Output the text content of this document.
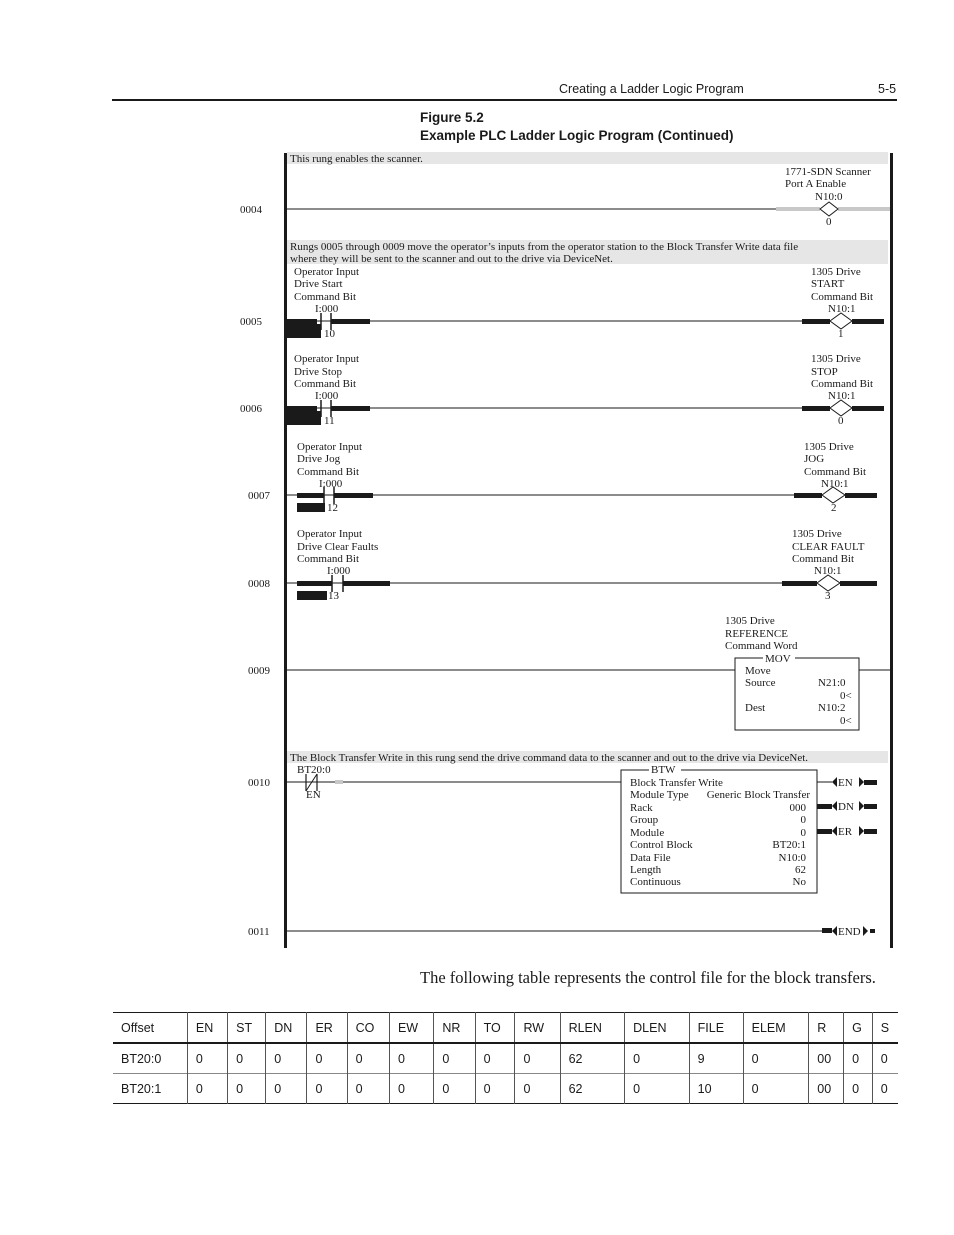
Creating a Ladder Logic Program	5-5
Figure 5.2
Example PLC Ladder Logic Program (Continued)
This rung enables the scanner.
Rungs 0005 through 0009 move the operator’s inputs from the operator station to the Block Transfer Write data file
where they will be sent to the scanner and out to the drive via DeviceNet.
The Block Transfer Write in this rung send the drive command data to the scanner and out to the drive via DeviceNet.
0004
0005
0006
0007
0008
0009
0010
0011
1771-SDN Scanner
Port A Enable
N10:0
0
Operator Input
Drive Start
Command Bit
I:000
10
1305 Drive
START
Command Bit
N10:1
1
Operator Input
Drive Stop
Command Bit
I:000
11
1305 Drive
STOP
Command Bit
N10:1
0
Operator Input
Drive Jog
Command Bit
I:000
12
1305 Drive
JOG
Command Bit
N10:1
2
Operator Input
Drive Clear Faults
Command Bit
I:000
13
1305 Drive
CLEAR FAULT
Command Bit
N10:1
3
MOV
1305 Drive
REFERENCE
Command Word
Move
Source	N21:0
0<
Dest	N10:2
0<
BT20:0
EN
BTW
Block Transfer Write
Module Type Generic Block Transfer
Rack	000
Group	0
Module	0
Control Block	BT20:1
Data File	N10:0
Length	62
Continuous	No
EN
DN
ER
END
The following table represents the control file for the block transfers.
Offset	EN	ST	DN	ER	CO	EW	NR	TO	RW	RLEN	DLEN	FILE	ELEM	R	G	S
BT20:0	0	0	0	0	0	0	0	0	0	62	0	9	0	00	0	0
BT20:1	0	0	0	0	0	0	0	0	0	62	0	10	0	00	0	0
